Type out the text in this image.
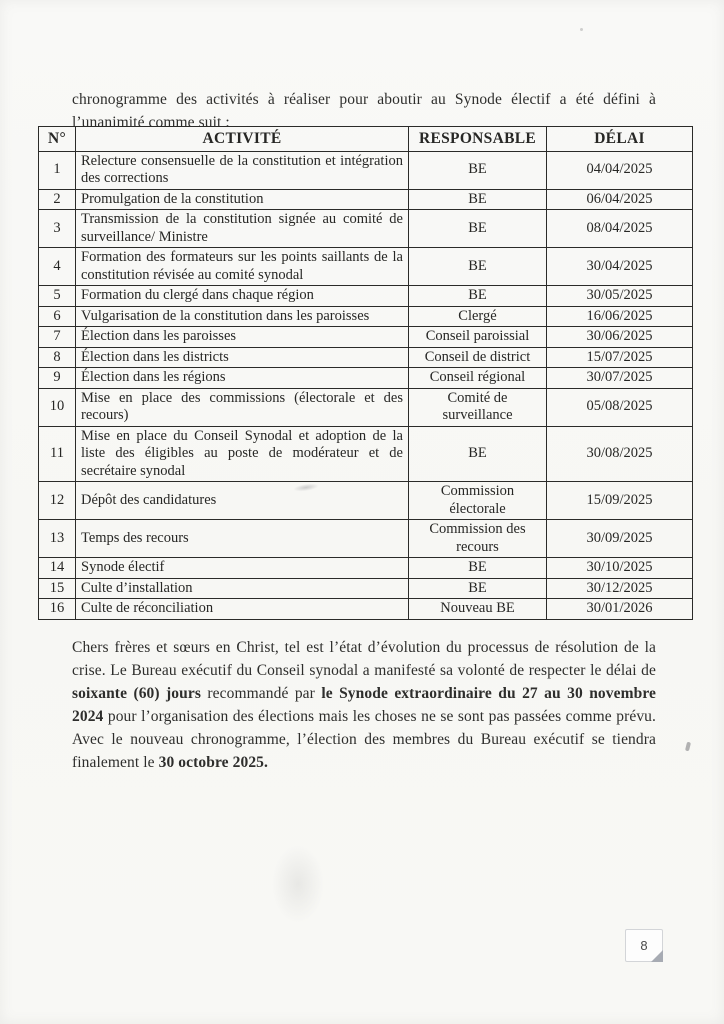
chronogramme des activités à réaliser pour aboutir au Synode électif a été défini à l’unanimité comme suit :

N°	ACTIVITÉ	RESPONSABLE	DÉLAI
1	Relecture consensuelle de la constitution et intégration des corrections	BE	04/04/2025
2	Promulgation de la constitution	BE	06/04/2025
3	Transmission de la constitution signée au comité de surveillance/ Ministre	BE	08/04/2025
4	Formation des formateurs sur les points saillants de la constitution révisée au comité synodal	BE	30/04/2025
5	Formation du clergé dans chaque région	BE	30/05/2025
6	Vulgarisation de la constitution dans les paroisses	Clergé	16/06/2025
7	Élection dans les paroisses	Conseil paroissial	30/06/2025
8	Élection dans les districts	Conseil de district	15/07/2025
9	Élection dans les régions	Conseil régional	30/07/2025
10	Mise en place des commissions (électorale et des recours)	Comité de surveillance	05/08/2025
11	Mise en place du Conseil Synodal et adoption de la liste des éligibles au poste de modérateur et de secrétaire synodal	BE	30/08/2025
12	Dépôt des candidatures	Commission électorale	15/09/2025
13	Temps des recours	Commission des recours	30/09/2025
14	Synode électif	BE	30/10/2025
15	Culte d’installation	BE	30/12/2025
16	Culte de réconciliation	Nouveau BE	30/01/2026

Chers frères et sœurs en Christ, tel est l’état d’évolution du processus de résolution de la crise. Le Bureau exécutif du Conseil synodal a manifesté sa volonté de respecter le délai de soixante (60) jours recommandé par le Synode extraordinaire du 27 au 30 novembre 2024 pour l’organisation des élections mais les choses ne se sont pas passées comme prévu. Avec le nouveau chronogramme, l’élection des membres du Bureau exécutif se tiendra finalement le 30 octobre 2025.

8
